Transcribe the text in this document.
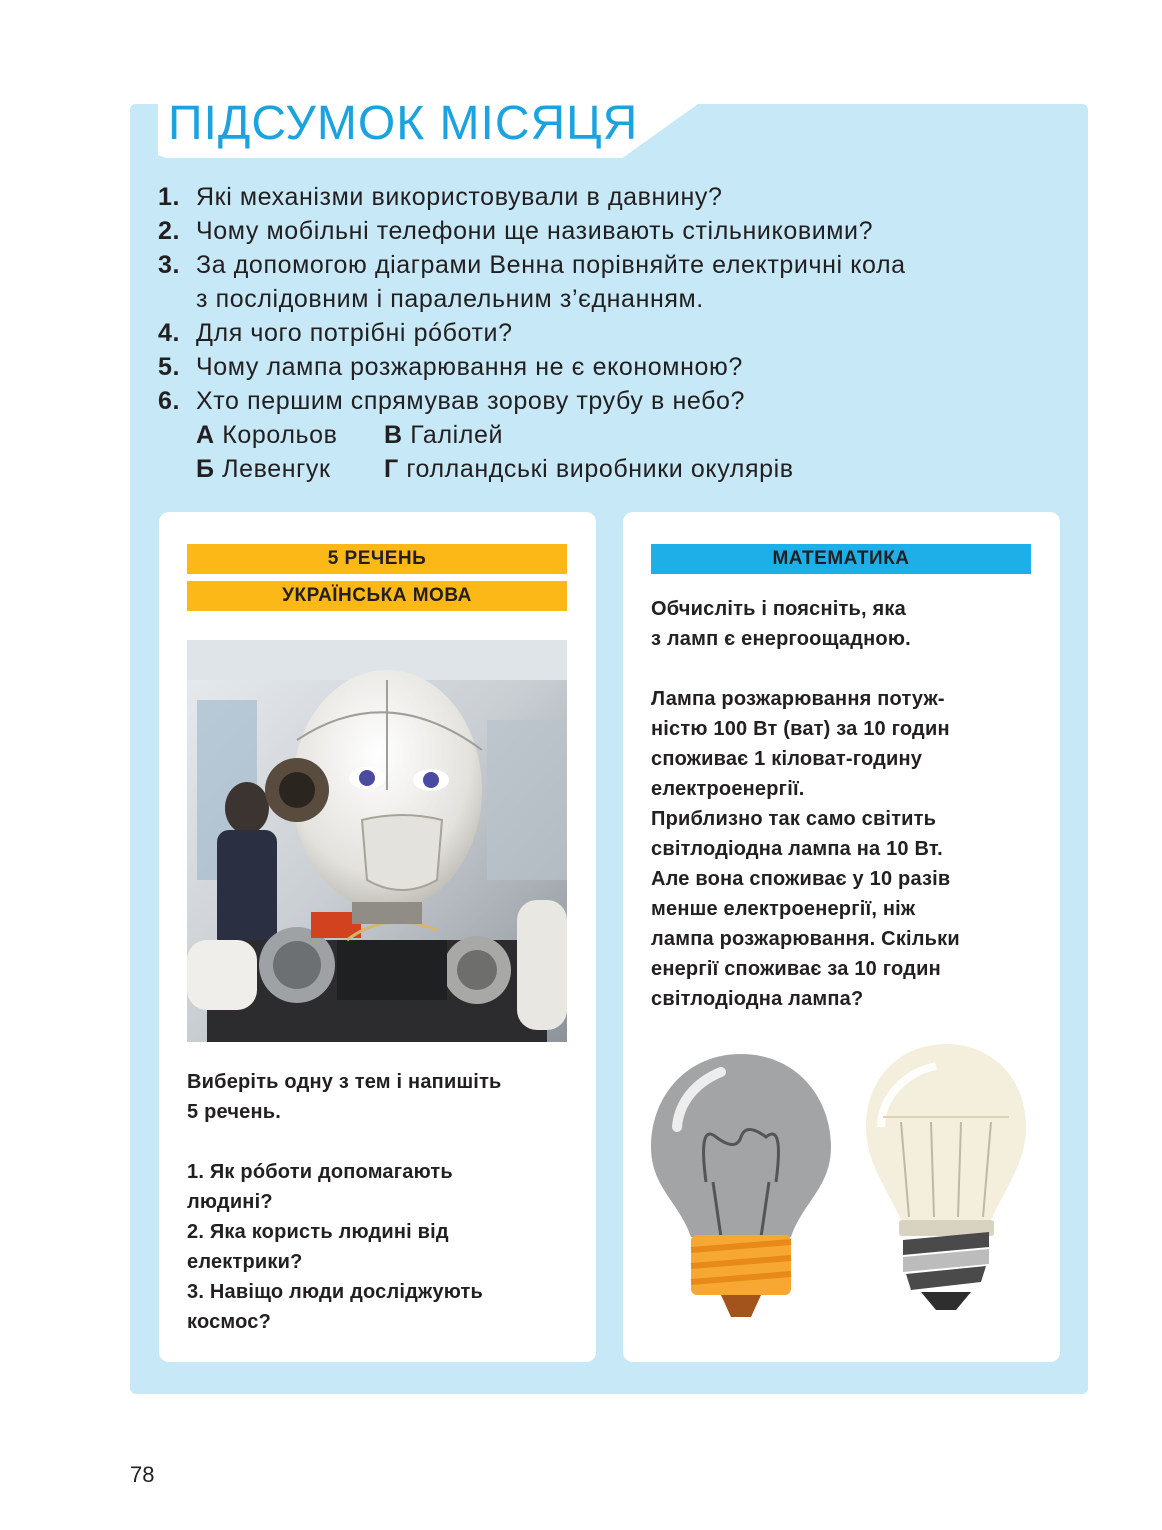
ПІДСУМОК МІСЯЦЯ
1. Які механізми використовували в давнину?
2. Чому мобільні телефони ще називають стільниковими?
3. За допомогою діаграми Венна порівняйте електричні кола
з послідовним і паралельним з’єднанням.
4. Для чого потрібні рóботи?
5. Чому лампа розжарювання не є економною?
6. Хто першим спрямував зорову трубу в небо?
А Корольов В Галілей
Б Левенгук Г голландські виробники окулярів
5 РЕЧЕНЬ
УКРАЇНСЬКА МОВА

Виберіть одну з тем і напишіть

5 речень.

1. Як рóботи допомагають

людині?

2. Яка користь людині від

електрики?

3. Навіщо люди досліджують

космос?

МАТЕМАТИКА

Обчисліть і поясніть, яка

з ламп є енергоощадною.

Лампа розжарювання потуж-

ністю 100 Вт (ват) за 10 годин

споживає 1 кіловат-годину

електроенергії.

Приблизно так само світить

світлодіодна лампа на 10 Вт.

Але вона споживає у 10 разів

менше електроенергії, ніж

лампа розжарювання. Скільки

енергії споживає за 10 годин

світлодіодна лампа?

78
